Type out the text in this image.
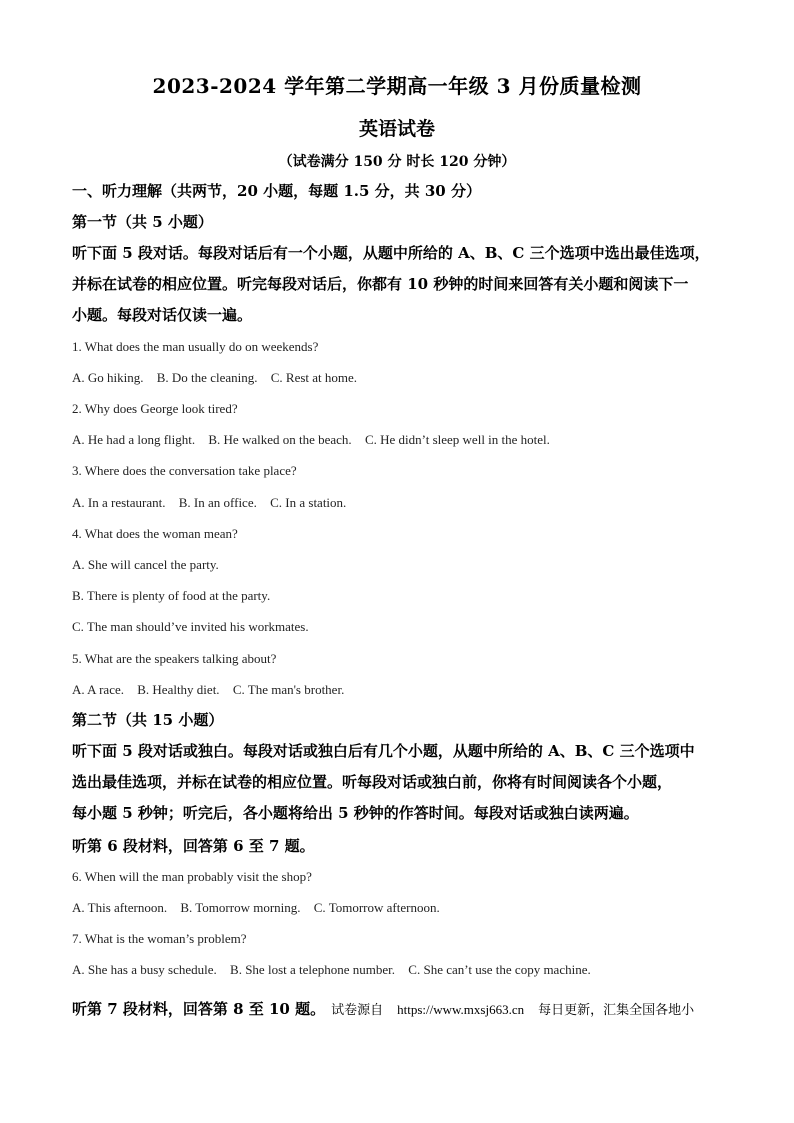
2023-2024 学年第二学期高一年级 3 月份质量检测
英语试卷
（试卷满分 150 分 时长 120 分钟）
一、听力理解（共两节，20 小题，每题 1.5 分，共 30 分）
第一节（共 5 小题）
听下面 5 段对话。每段对话后有一个小题，从题中所给的 A、B、C 三个选项中选出最佳选项，
并标在试卷的相应位置。听完每段对话后，你都有 10 秒钟的时间来回答有关小题和阅读下一
小题。每段对话仅读一遍。
1. What does the man usually do on weekends?
A. Go hiking. B. Do the cleaning. C. Rest at home.
2. Why does George look tired?
A. He had a long flight. B. He walked on the beach. C. He didn’t sleep well in the hotel.
3. Where does the conversation take place?
A. In a restaurant. B. In an office. C. In a station.
4. What does the woman mean?
A. She will cancel the party.
B. There is plenty of food at the party.
C. The man should’ve invited his workmates.
5. What are the speakers talking about?
A. A race. B. Healthy diet. C. The man's brother.
第二节（共 15 小题）
听下面 5 段对话或独白。每段对话或独白后有几个小题，从题中所给的 A、B、C 三个选项中
选出最佳选项，并标在试卷的相应位置。听每段对话或独白前，你将有时间阅读各个小题，
每小题 5 秒钟；听完后，各小题将给出 5 秒钟的作答时间。每段对话或独白读两遍。
听第 6 段材料，回答第 6 至 7 题。
6. When will the man probably visit the shop?
A. This afternoon. B. Tomorrow morning. C. Tomorrow afternoon.
7. What is the woman’s problem?
A. She has a busy schedule. B. She lost a telephone number. C. She can’t use the copy machine.
听第 7 段材料，回答第 8 至 10 题。 试卷源自 https://www.mxsj663.cn 每日更新，汇集全国各地小
